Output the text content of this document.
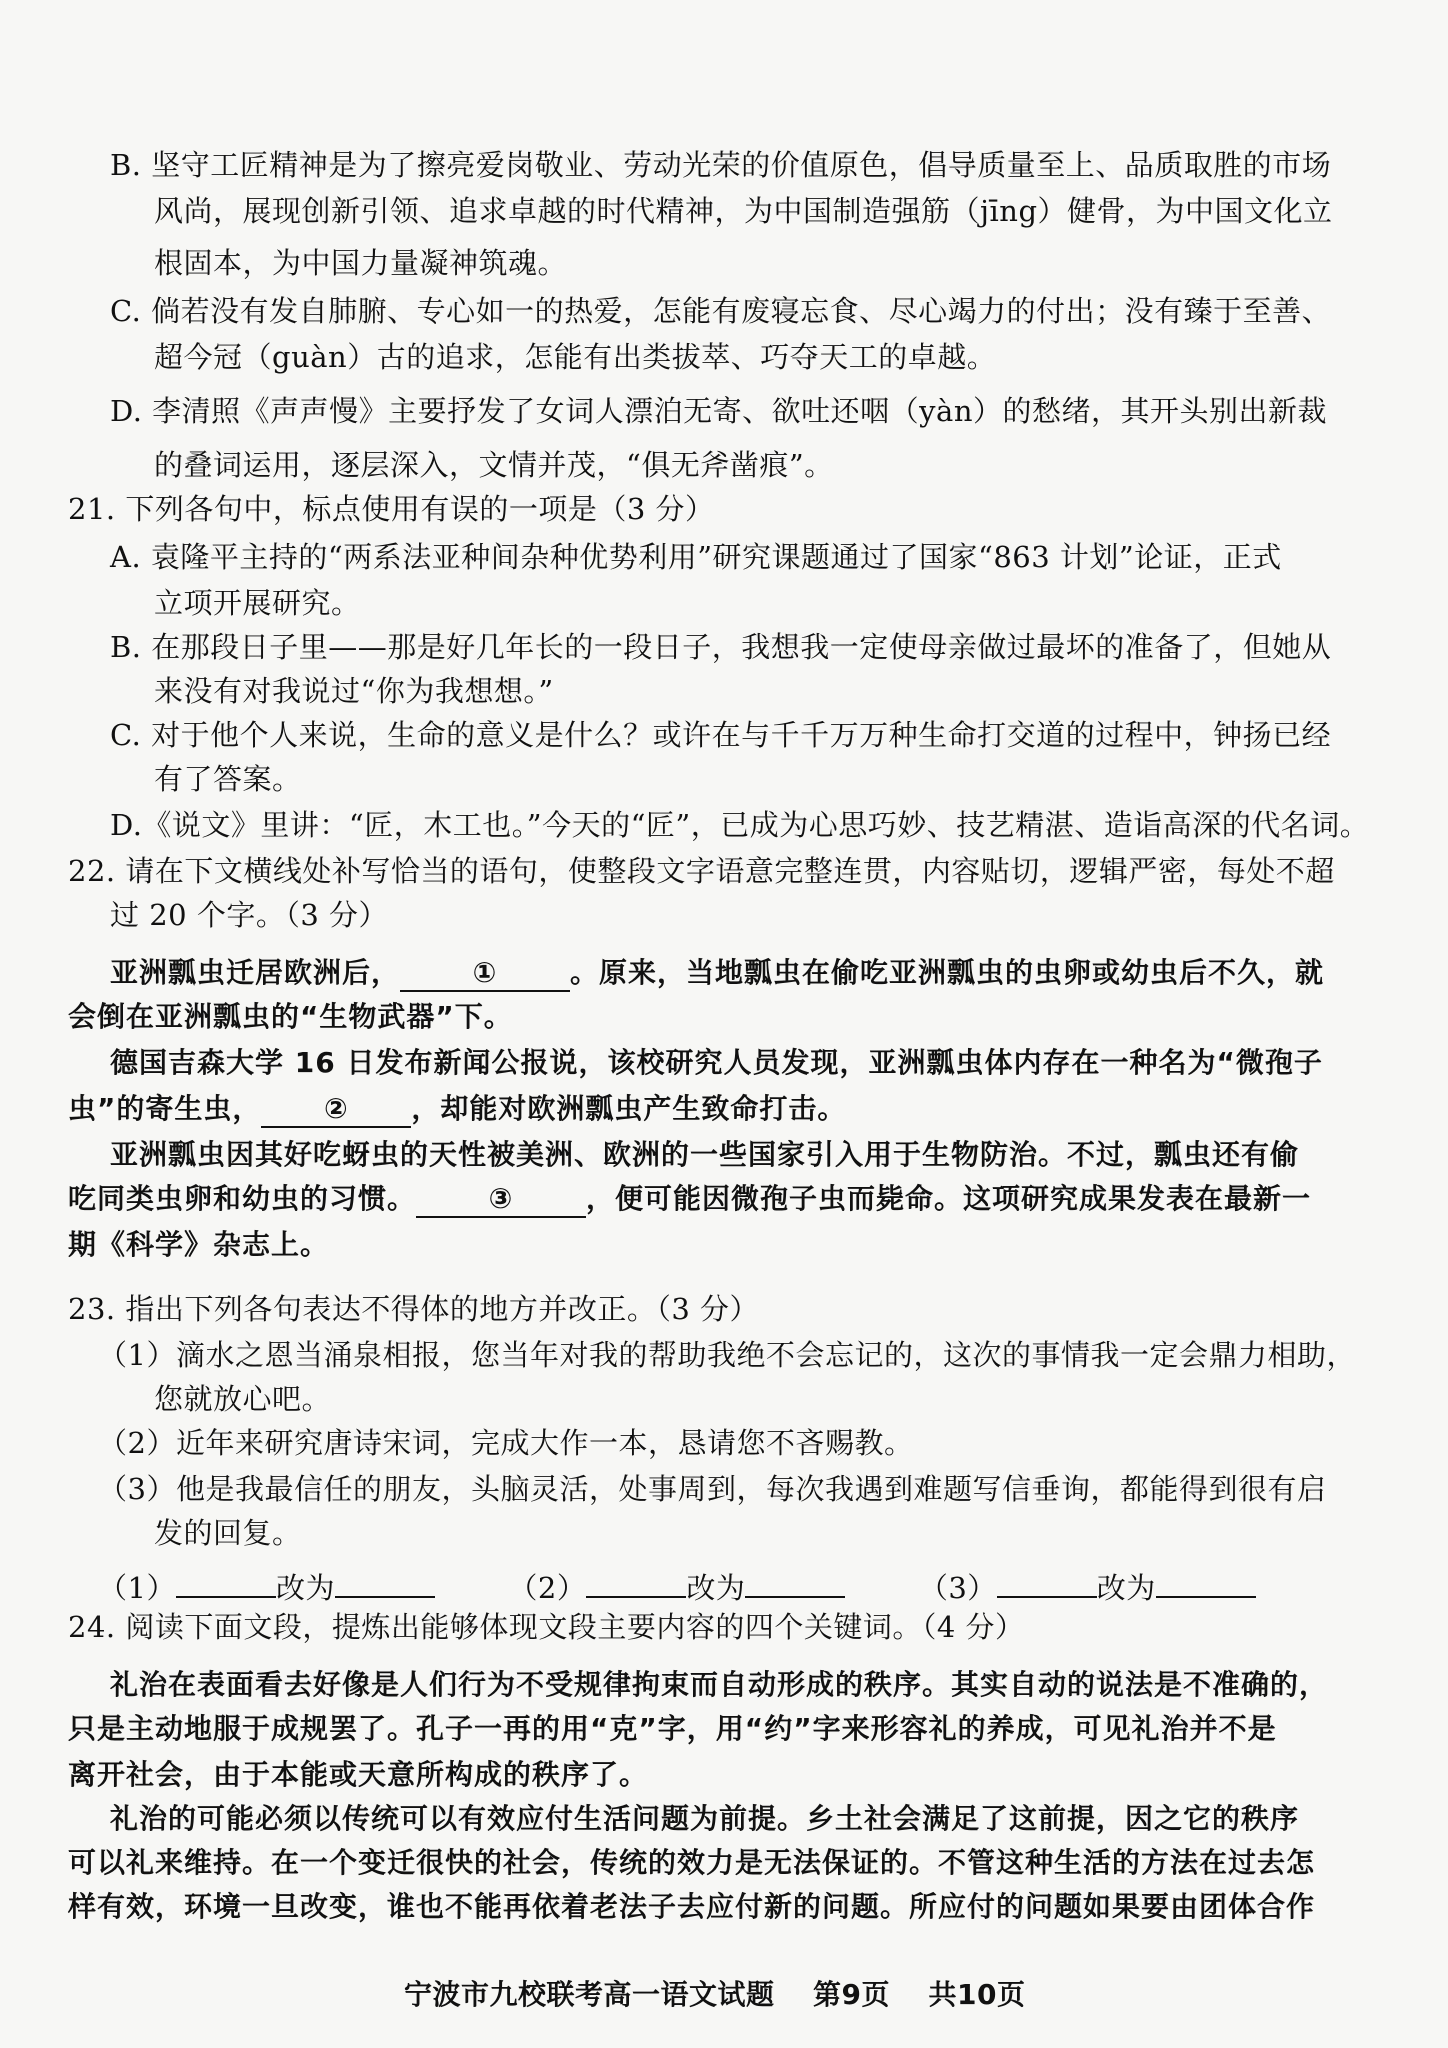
B. 坚守工匠精神是为了擦亮爱岗敬业、劳动光荣的价值原色，倡导质量至上、品质取胜的市场
风尚，展现创新引领、追求卓越的时代精神，为中国制造强筋（jīng）健骨，为中国文化立
根固本，为中国力量凝神筑魂。
C. 倘若没有发自肺腑、专心如一的热爱，怎能有废寝忘食、尽心竭力的付出；没有臻于至善、
超今冠（guàn）古的追求，怎能有出类拔萃、巧夺天工的卓越。
D. 李清照《声声慢》主要抒发了女词人漂泊无寄、欲吐还咽（yàn）的愁绪，其开头别出新裁
的叠词运用，逐层深入，文情并茂，“俱无斧凿痕”。
21. 下列各句中，标点使用有误的一项是（3 分）
A. 袁隆平主持的“两系法亚种间杂种优势利用”研究课题通过了国家“863 计划”论证，正式
立项开展研究。
B. 在那段日子里——那是好几年长的一段日子，我想我一定使母亲做过最坏的准备了，但她从
来没有对我说过“你为我想想。”
C. 对于他个人来说，生命的意义是什么？或许在与千千万万种生命打交道的过程中，钟扬已经
有了答案。
D.《说文》里讲：“匠，木工也。”今天的“匠”，已成为心思巧妙、技艺精湛、造诣高深的代名词。
22. 请在下文横线处补写恰当的语句，使整段文字语意完整连贯，内容贴切，逻辑严密，每处不超
过 20 个字。（3 分）
亚洲瓢虫迁居欧洲后，	①	。原来，当地瓢虫在偷吃亚洲瓢虫的虫卵或幼虫后不久，就
会倒在亚洲瓢虫的“生物武器”下。
德国吉森大学 16 日发布新闻公报说，该校研究人员发现，亚洲瓢虫体内存在一种名为“微孢子
虫”的寄生虫， ② ，却能对欧洲瓢虫产生致命打击。
亚洲瓢虫因其好吃蚜虫的天性被美洲、欧洲的一些国家引入用于生物防治。不过，瓢虫还有偷
吃同类虫卵和幼虫的习惯。	③	，便可能因微孢子虫而毙命。这项研究成果发表在最新一
期《科学》杂志上。
23. 指出下列各句表达不得体的地方并改正。（3 分）
（1）滴水之恩当涌泉相报，您当年对我的帮助我绝不会忘记的，这次的事情我一定会鼎力相助，
您就放心吧。
（2）近年来研究唐诗宋词，完成大作一本，恳请您不吝赐教。
（3）他是我最信任的朋友，头脑灵活，处事周到，每次我遇到难题写信垂询，都能得到很有启
发的回复。
（1）	改为	（2）	改为	（3）	改为
24. 阅读下面文段，提炼出能够体现文段主要内容的四个关键词。（4 分）
礼治在表面看去好像是人们行为不受规律拘束而自动形成的秩序。其实自动的说法是不准确的，
只是主动地服于成规罢了。孔子一再的用“克”字，用“约”字来形容礼的养成，可见礼治并不是
离开社会，由于本能或天意所构成的秩序了。
礼治的可能必须以传统可以有效应付生活问题为前提。乡土社会满足了这前提，因之它的秩序
可以礼来维持。在一个变迁很快的社会，传统的效力是无法保证的。不管这种生活的方法在过去怎
样有效，环境一旦改变，谁也不能再依着老法子去应付新的问题。所应付的问题如果要由团体合作
宁波市九校联考高一语文试题 第9页 共10页
